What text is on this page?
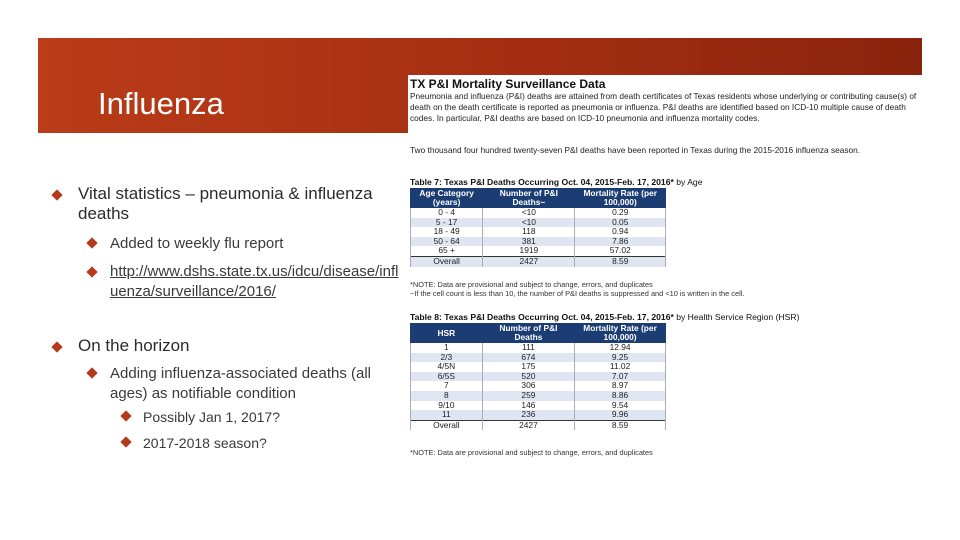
Influenza
Vital statistics – pneumonia & influenza deaths
Added to weekly flu report
http://www.dshs.state.tx.us/idcu/disease/influenza/surveillance/2016/
On the horizon
Adding influenza-associated deaths (all ages) as notifiable condition
Possibly Jan 1, 2017?
2017-2018 season?
TX P&I Mortality Surveillance Data
Pneumonia and influenza (P&I) deaths are attained from death certificates of Texas residents whose underlying or contributing cause(s) of death on the death certificate is reported as pneumonia or influenza. P&I deaths are identified based on ICD-10 multiple cause of death codes. In particular, P&I deaths are based on ICD-10 pneumonia and influenza mortality codes.
Two thousand four hundred twenty-seven P&I deaths have been reported in Texas during the 2015-2016 influenza season.
Table 7: Texas P&I Deaths Occurring Oct. 04, 2015-Feb. 17, 2016* by Age
Age Category (years)	Number of P&I Deaths~	Mortality Rate (per 100,000)
0 - 4	<10	0.29
5 - 17	<10	0.05
18 - 49	118	0.94
50 - 64	381	7.86
65 +	1919	57.02
Overall	2427	8.59
*NOTE: Data are provisional and subject to change, errors, and duplicates
~If the cell count is less than 10, the number of P&I deaths is suppressed and <10 is written in the cell.
Table 8: Texas P&I Deaths Occurring Oct. 04, 2015-Feb. 17, 2016* by Health Service Region (HSR)
HSR	Number of P&I Deaths	Mortality Rate (per 100,000)
1	111	12.94
2/3	674	9.25
4/5N	175	11.02
6/5S	520	7.07
7	306	8.97
8	259	8.86
9/10	146	9.54
11	236	9.96
Overall	2427	8.59
*NOTE: Data are provisional and subject to change, errors, and duplicates
